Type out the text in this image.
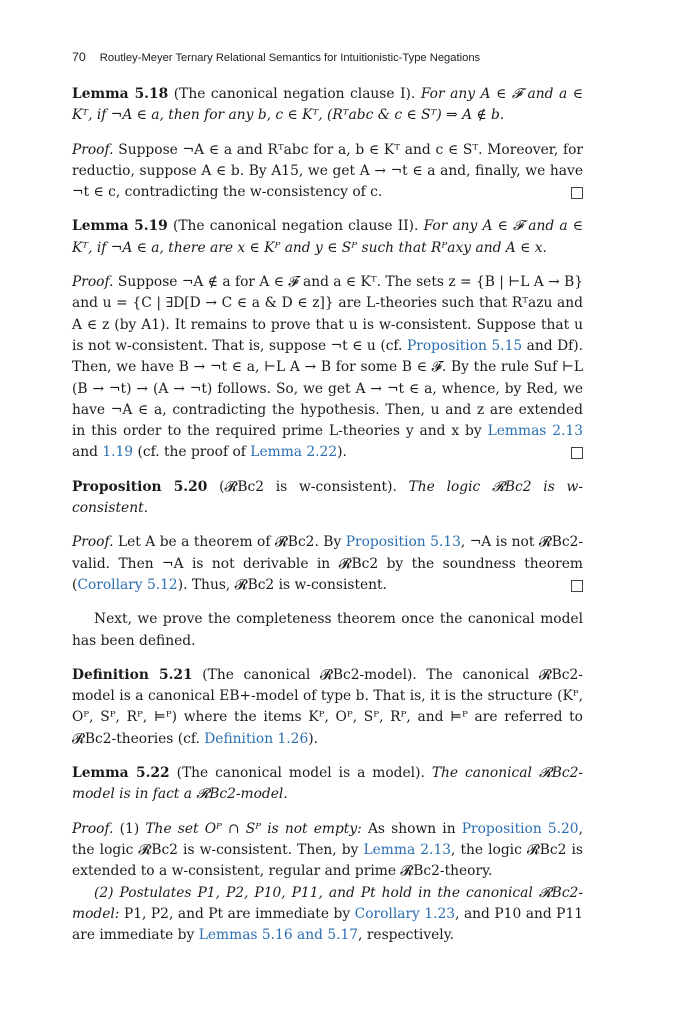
70 Routley-Meyer Ternary Relational Semantics for Intuitionistic-Type Negations
Lemma 5.18 (The canonical negation clause I). For any A ∈ 𝓕 and a ∈ Kᵀ, if ¬A ∈ a, then for any b, c ∈ Kᵀ, (Rᵀabc & c ∈ Sᵀ) ⇒ A ∉ b.
Proof. Suppose ¬A ∈ a and Rᵀabc for a, b ∈ Kᵀ and c ∈ Sᵀ. Moreover, for reductio, suppose A ∈ b. By A15, we get A → ¬t ∈ a and, finally, we have ¬t ∈ c, contradicting the w-consistency of c.
Lemma 5.19 (The canonical negation clause II). For any A ∈ 𝓕 and a ∈ Kᵀ, if ¬A ∈ a, there are x ∈ Kᴾ and y ∈ Sᴾ such that Rᴾaxy and A ∈ x.
Proof. Suppose ¬A ∉ a for A ∈ 𝓕 and a ∈ Kᵀ. The sets z = {B | ⊢L A → B} and u = {C | ∃D[D → C ∈ a & D ∈ z]} are L-theories such that Rᵀazu and A ∈ z (by A1). It remains to prove that u is w-consistent. Suppose that u is not w-consistent. That is, suppose ¬t ∈ u (cf. Proposition 5.15 and Df). Then, we have B → ¬t ∈ a, ⊢L A → B for some B ∈ 𝓕. By the rule Suf ⊢L (B → ¬t) → (A → ¬t) follows. So, we get A → ¬t ∈ a, whence, by Red, we have ¬A ∈ a, contradicting the hypothesis. Then, u and z are extended in this order to the required prime L-theories y and x by Lemmas 2.13 and 1.19 (cf. the proof of Lemma 2.22).
Proposition 5.20 (𝓡Bc2 is w-consistent). The logic 𝓡Bc2 is w-consistent.
Proof. Let A be a theorem of 𝓡Bc2. By Proposition 5.13, ¬A is not 𝓡Bc2-valid. Then ¬A is not derivable in 𝓡Bc2 by the soundness theorem (Corollary 5.12). Thus, 𝓡Bc2 is w-consistent.

Next, we prove the completeness theorem once the canonical model has been defined.

Definition 5.21 (The canonical 𝓡Bc2-model). The canonical 𝓡Bc2-model is a canonical EB+-model of type b. That is, it is the structure (Kᴾ, Oᴾ, Sᴾ, Rᴾ, ⊨ᴾ) where the items Kᴾ, Oᴾ, Sᴾ, Rᴾ, and ⊨ᴾ are referred to 𝓡Bc2-theories (cf. Definition 1.26).
Lemma 5.22 (The canonical model is a model). The canonical 𝓡Bc2-model is in fact a 𝓡Bc2-model.

Proof. (1) The set Oᴾ ∩ Sᴾ is not empty: As shown in Proposition 5.20, the logic 𝓡Bc2 is w-consistent. Then, by Lemma 2.13, the logic 𝓡Bc2 is extended to a w-consistent, regular and prime 𝓡Bc2-theory.

(2) Postulates P1, P2, P10, P11, and Pt hold in the canonical 𝓡Bc2-model: P1, P2, and Pt are immediate by Corollary 1.23, and P10 and P11 are immediate by Lemmas 5.16 and 5.17, respectively.
